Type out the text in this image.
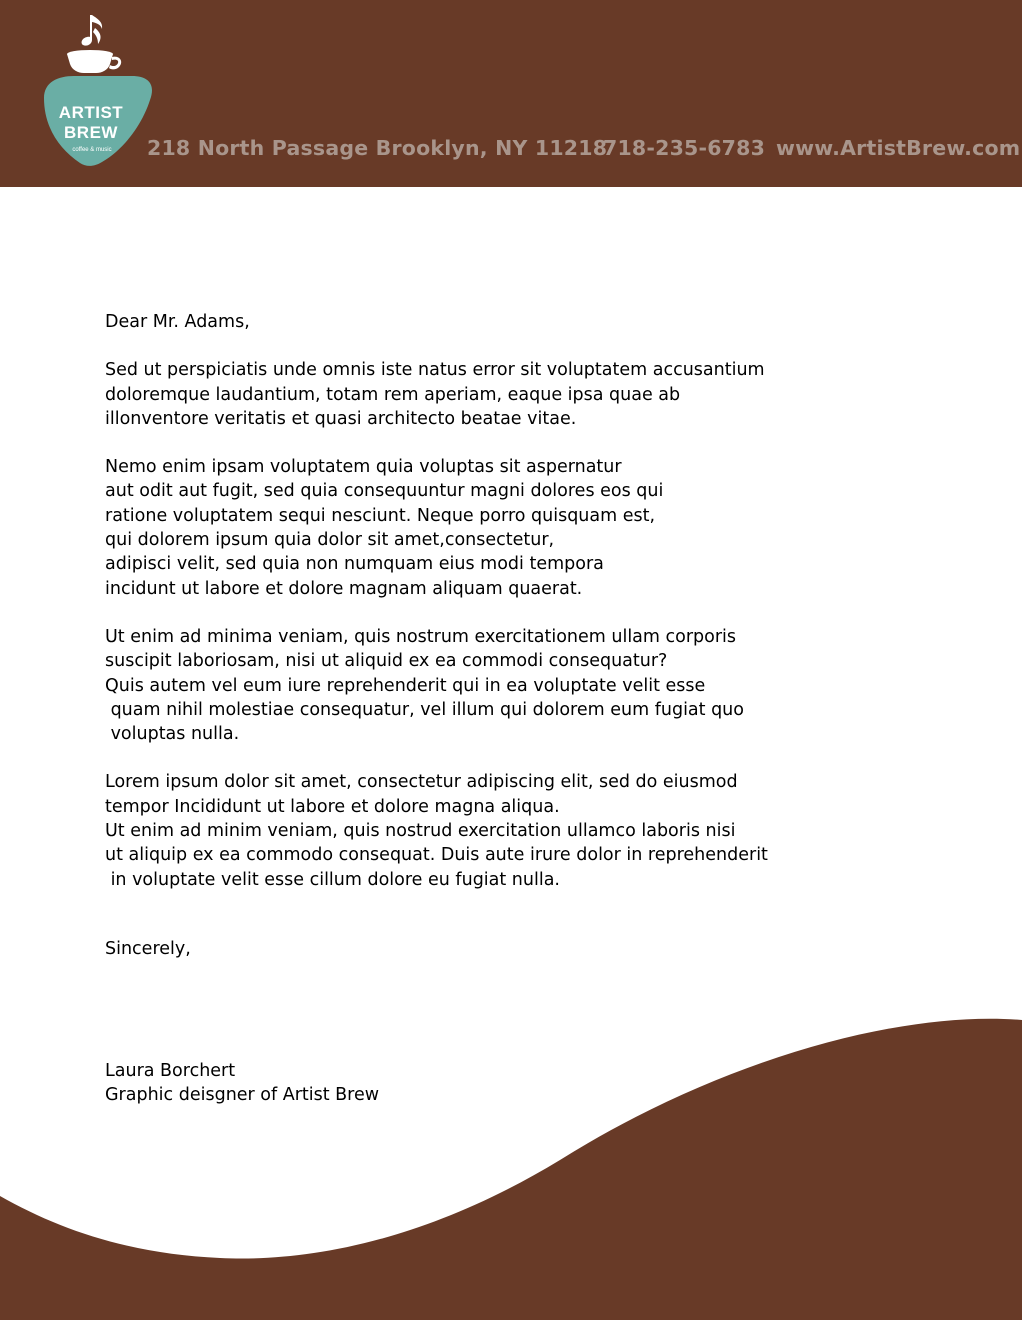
ARTIST
BREW
coffee & music 218 North Passage Brooklyn, NY 11218
718-235-6783 www.ArtistBrew.com
Dear Mr. Adams,
Sed ut perspiciatis unde omnis iste natus error sit voluptatem accusantium
doloremque laudantium, totam rem aperiam, eaque ipsa quae ab
illonventore veritatis et quasi architecto beatae vitae.
Nemo enim ipsam voluptatem quia voluptas sit aspernatur
aut odit aut fugit, sed quia consequuntur magni dolores eos qui
ratione voluptatem sequi nesciunt. Neque porro quisquam est,
qui dolorem ipsum quia dolor sit amet,consectetur,
adipisci velit, sed quia non numquam eius modi tempora
incidunt ut labore et dolore magnam aliquam quaerat.
Ut enim ad minima veniam, quis nostrum exercitationem ullam corporis
suscipit laboriosam, nisi ut aliquid ex ea commodi consequatur?
Quis autem vel eum iure reprehenderit qui in ea voluptate velit esse
quam nihil molestiae consequatur, vel illum qui dolorem eum fugiat quo
voluptas nulla.
Lorem ipsum dolor sit amet, consectetur adipiscing elit, sed do eiusmod
tempor Incididunt ut labore et dolore magna aliqua.
Ut enim ad minim veniam, quis nostrud exercitation ullamco laboris nisi
ut aliquip ex ea commodo consequat. Duis aute irure dolor in reprehenderit
in voluptate velit esse cillum dolore eu fugiat nulla.
Sincerely,
Laura Borchert
Graphic deisgner of Artist Brew
